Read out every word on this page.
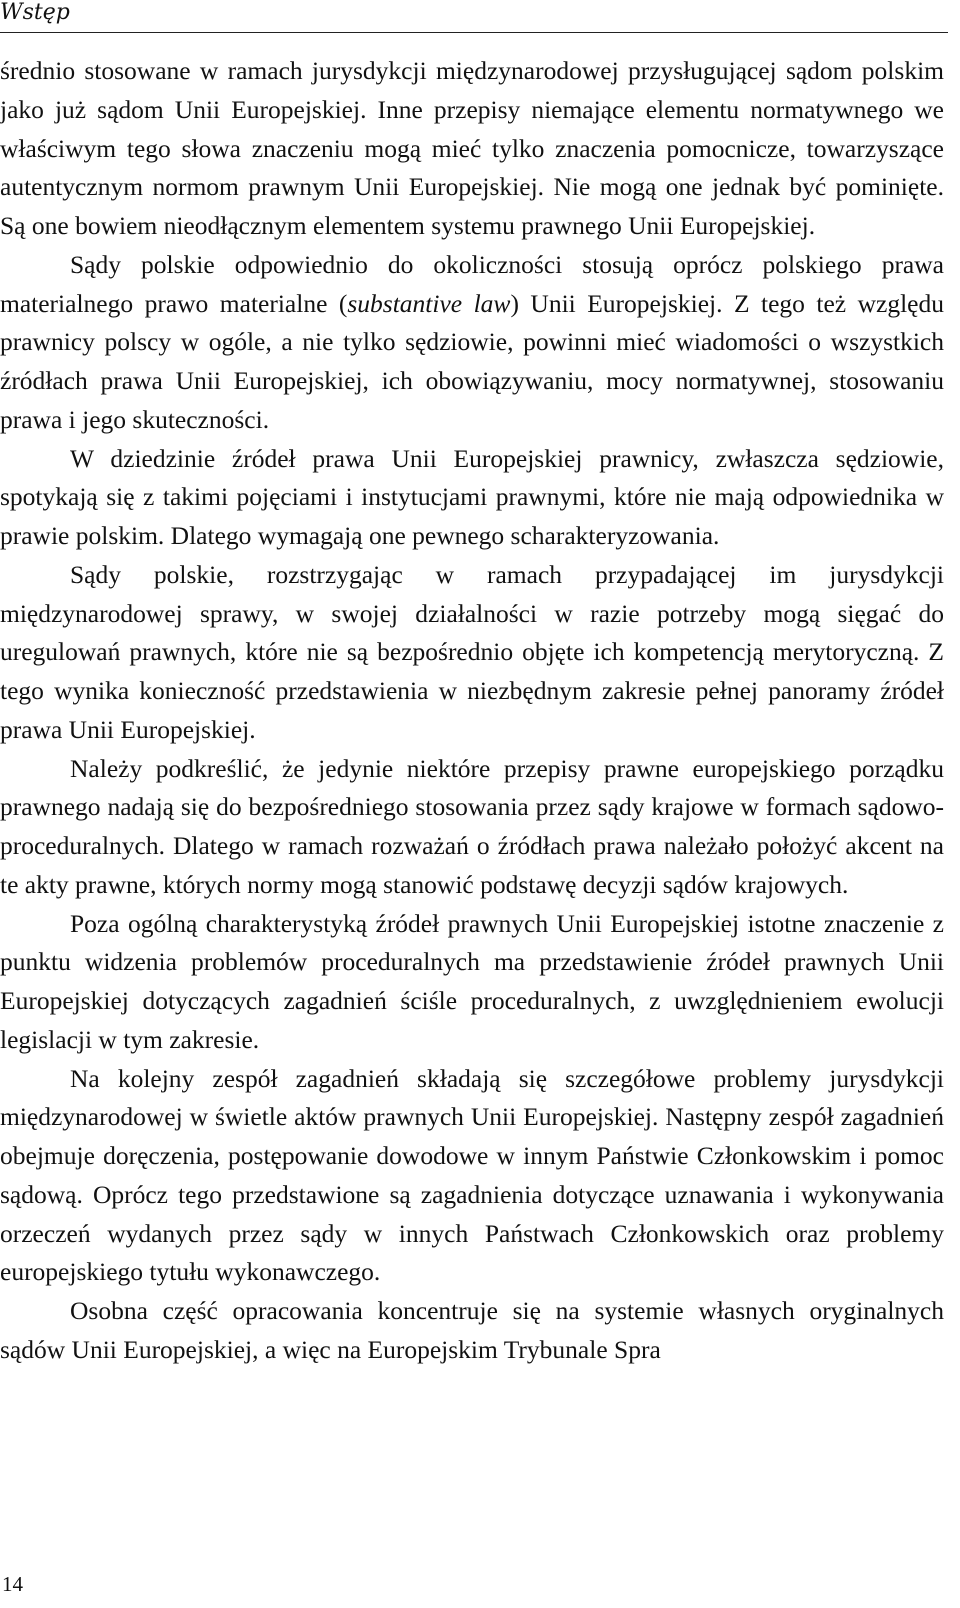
Wstęp

średnio stosowane w ramach jurysdykcji międzynarodowej przysługującej sądom polskim jako już sądom Unii Europejskiej. Inne przepisy niemające elementu normatywnego we właściwym tego słowa znaczeniu mogą mieć tylko znaczenia pomocnicze, towarzyszące autentycznym normom prawnym Unii Europejskiej. Nie mogą one jednak być pominięte. Są one bowiem nieodłącznym elementem systemu prawnego Unii Europejskiej.

Sądy polskie odpowiednio do okoliczności stosują oprócz polskiego prawa materialnego prawo materialne (substantive law) Unii Europejskiej. Z tego też względu prawnicy polscy w ogóle, a nie tylko sędziowie, powinni mieć wiadomości o wszystkich źródłach prawa Unii Europejskiej, ich obowiązywaniu, mocy normatywnej, stosowaniu prawa i jego skuteczności.

W dziedzinie źródeł prawa Unii Europejskiej prawnicy, zwłaszcza sędziowie, spotykają się z takimi pojęciami i instytucjami prawnymi, które nie mają odpowiednika w prawie polskim. Dlatego wymagają one pewnego scharakteryzowania.

Sądy polskie, rozstrzygając w ramach przypadającej im jurysdykcji międzynarodowej sprawy, w swojej działalności w razie potrzeby mogą sięgać do uregulowań prawnych, które nie są bezpośrednio objęte ich kompetencją merytoryczną. Z tego wynika konieczność przedstawienia w niezbędnym zakresie pełnej panoramy źródeł prawa Unii Europejskiej.

Należy podkreślić, że jedynie niektóre przepisy prawne europejskiego porządku prawnego nadają się do bezpośredniego stosowania przez sądy krajowe w formach sądowo-proceduralnych. Dlatego w ramach rozważań o źródłach prawa należało położyć akcent na te akty prawne, których normy mogą stanowić podstawę decyzji sądów krajowych.

Poza ogólną charakterystyką źródeł prawnych Unii Europejskiej istotne znaczenie z punktu widzenia problemów proceduralnych ma przedstawienie źródeł prawnych Unii Europejskiej dotyczących zagadnień ściśle proceduralnych, z uwzględnieniem ewolucji legislacji w tym zakresie.

Na kolejny zespół zagadnień składają się szczegółowe problemy jurysdykcji międzynarodowej w świetle aktów prawnych Unii Europejskiej. Następny zespół zagadnień obejmuje doręczenia, postępowanie dowodowe w innym Państwie Członkowskim i pomoc sądową. Oprócz tego przedstawione są zagadnienia dotyczące uznawania i wykonywania orzeczeń wydanych przez sądy w innych Państwach Członkowskich oraz problemy europejskiego tytułu wykonawczego.

Osobna część opracowania koncentruje się na systemie własnych oryginalnych sądów Unii Europejskiej, a więc na Europejskim Trybunale Spra

14
